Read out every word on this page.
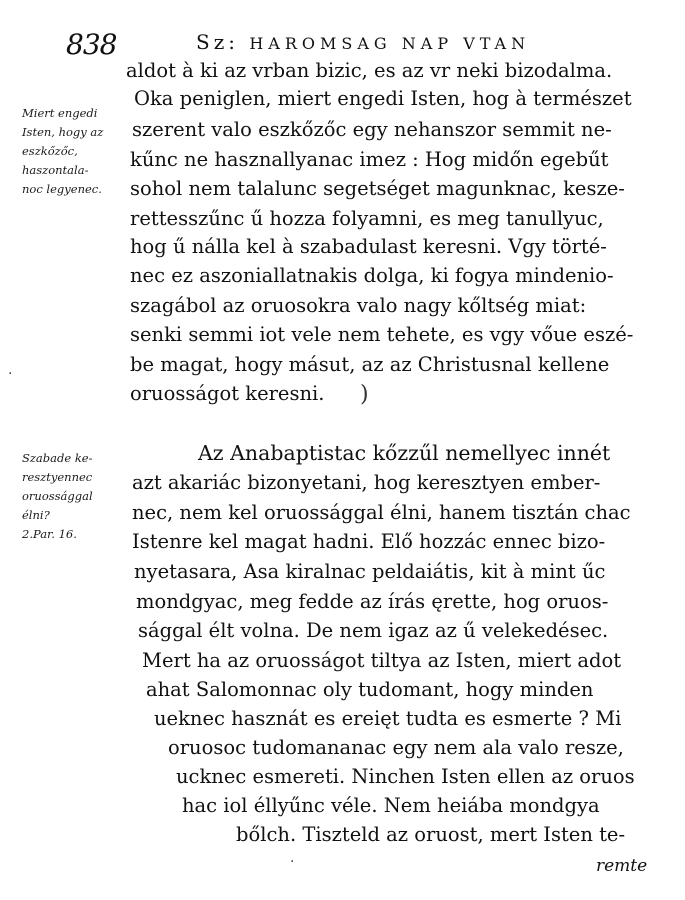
838	Sz: HAROMSAG NAP VTAN
Miert engedi
Isten, hogy az
eszkőzőc,
haszontala-
noc legyenec.
Szabade ke-
resztyennec
oruossággal
élni?
2.Par. 16.
aldot à ki az vrban bizic, es az vr neki bizodalma.
Oka peniglen, miert engedi Isten, hog à természet
szerent valo eszkőzőc egy nehanszor semmit ne-
kűnc ne hasznallyanac imez : Hog midőn egebűt
sohol nem talalunc segetséget magunknac, kesze-
rettesszűnc ű hozza folyamni, es meg tanullyuc,
hog ű nálla kel à szabadulast keresni. Vgy törté-
nec ez aszoniallatnakis dolga, ki fogya mindenio-
szagábol az oruosokra valo nagy kőltség miat:
senki semmi iot vele nem tehete, es vgy vőue eszé-
be magat, hogy másut, az az Christusnal kellene
oruosságot keresni. )
Az Anabaptistac kőzzűl nemellyec innét
azt akariác bizonyetani, hog keresztyen ember-
nec, nem kel oruossággal élni, hanem tisztán chac
Istenre kel magat hadni. Elő hozzác ennec bizo-
nyetasara, Asa kiralnac peldaiátis, kit à mint űc
mondgyac, meg fedde az írás ęrette, hog oruos-
sággal élt volna. De nem igaz az ű velekedésec.
Mert ha az oruosságot tiltya az Isten, miert adot
ahat Salomonnac oly tudomant, hogy minden
ueknec hasznát es ereięt tudta es esmerte ? Mi
oruosoc tudomananac egy nem ala valo resze,
ucknec esmereti. Ninchen Isten ellen az oruos
hac iol éllyűnc véle. Nem heiába mondgya
bőlch. Tiszteld az oruost, mert Isten te-
remte
·
·
